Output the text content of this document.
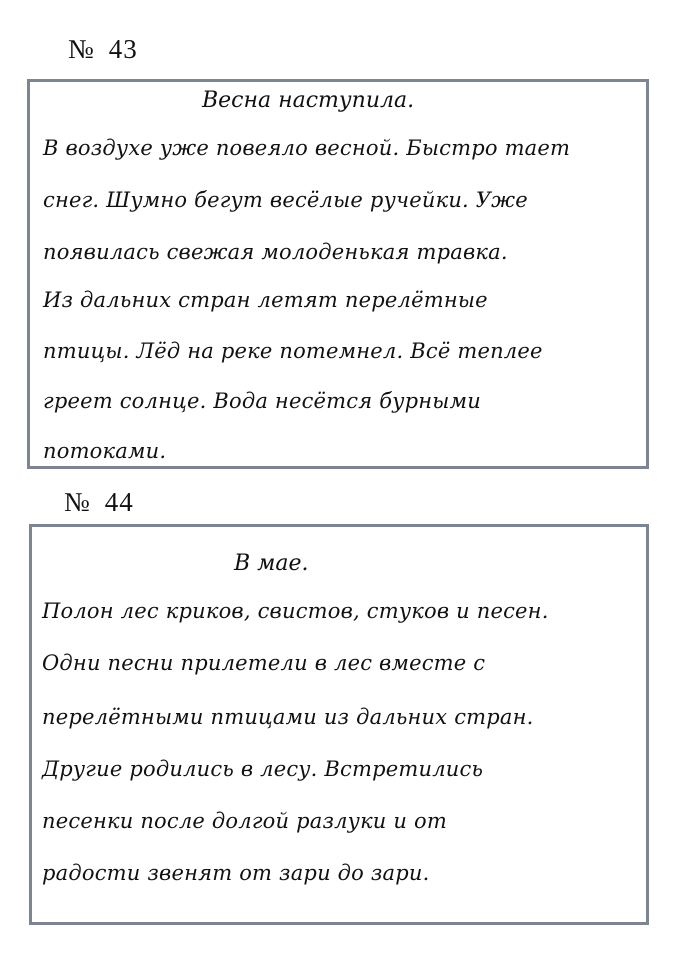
№ 43
Весна наступила.
В воздухе уже повеяло весной. Быстро тает
снег. Шумно бегут весёлые ручейки. Уже
появилась свежая молоденькая травка.
Из дальних стран летят перелётные
птицы. Лёд на реке потемнел. Всё теплее
греет солнце. Вода несётся бурными
потоками.
№ 44
В мае.
Полон лес криков, свистов, стуков и песен.
Одни песни прилетели в лес вместе с
перелётными птицами из дальних стран.
Другие родились в лесу. Встретились
песенки после долгой разлуки и от
радости звенят от зари до зари.
